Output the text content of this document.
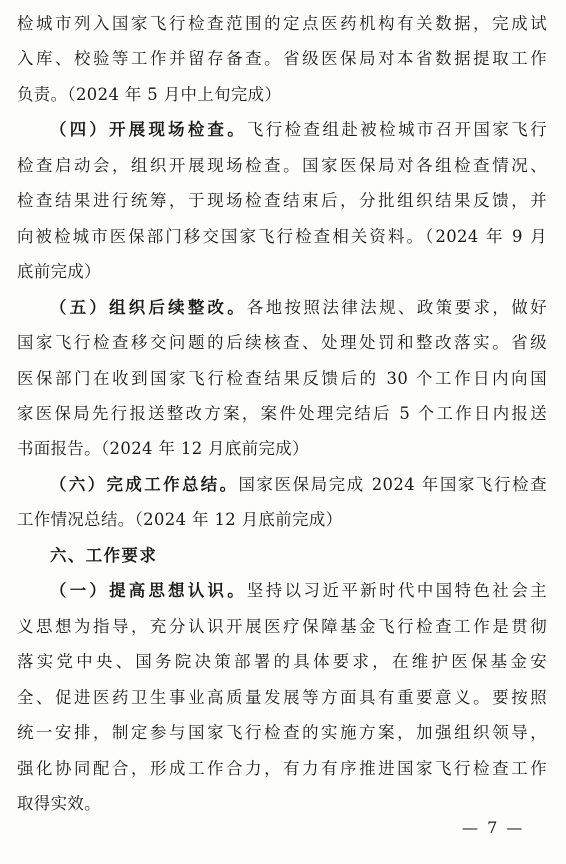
检城市列入国家飞行检查范围的定点医药机构有关数据，完成试
入库、校验等工作并留存备查。省级医保局对本省数据提取工作
负责。（2024 年 5 月中上旬完成）
（四）开展现场检查。飞行检查组赴被检城市召开国家飞行
检查启动会，组织开展现场检查。国家医保局对各组检查情况、
检查结果进行统筹，于现场检查结束后，分批组织结果反馈，并
向被检城市医保部门移交国家飞行检查相关资料。（2024 年 9 月
底前完成）
（五）组织后续整改。各地按照法律法规、政策要求，做好
国家飞行检查移交问题的后续核查、处理处罚和整改落实。省级
医保部门在收到国家飞行检查结果反馈后的 30 个工作日内向国
家医保局先行报送整改方案，案件处理完结后 5 个工作日内报送
书面报告。（2024 年 12 月底前完成）
（六）完成工作总结。国家医保局完成 2024 年国家飞行检查
工作情况总结。（2024 年 12 月底前完成）
六、工作要求
（一）提高思想认识。坚持以习近平新时代中国特色社会主
义思想为指导，充分认识开展医疗保障基金飞行检查工作是贯彻
落实党中央、国务院决策部署的具体要求，在维护医保基金安
全、促进医药卫生事业高质量发展等方面具有重要意义。要按照
统一安排，制定参与国家飞行检查的实施方案，加强组织领导，
强化协同配合，形成工作合力，有力有序推进国家飞行检查工作
取得实效。
— 7 —
